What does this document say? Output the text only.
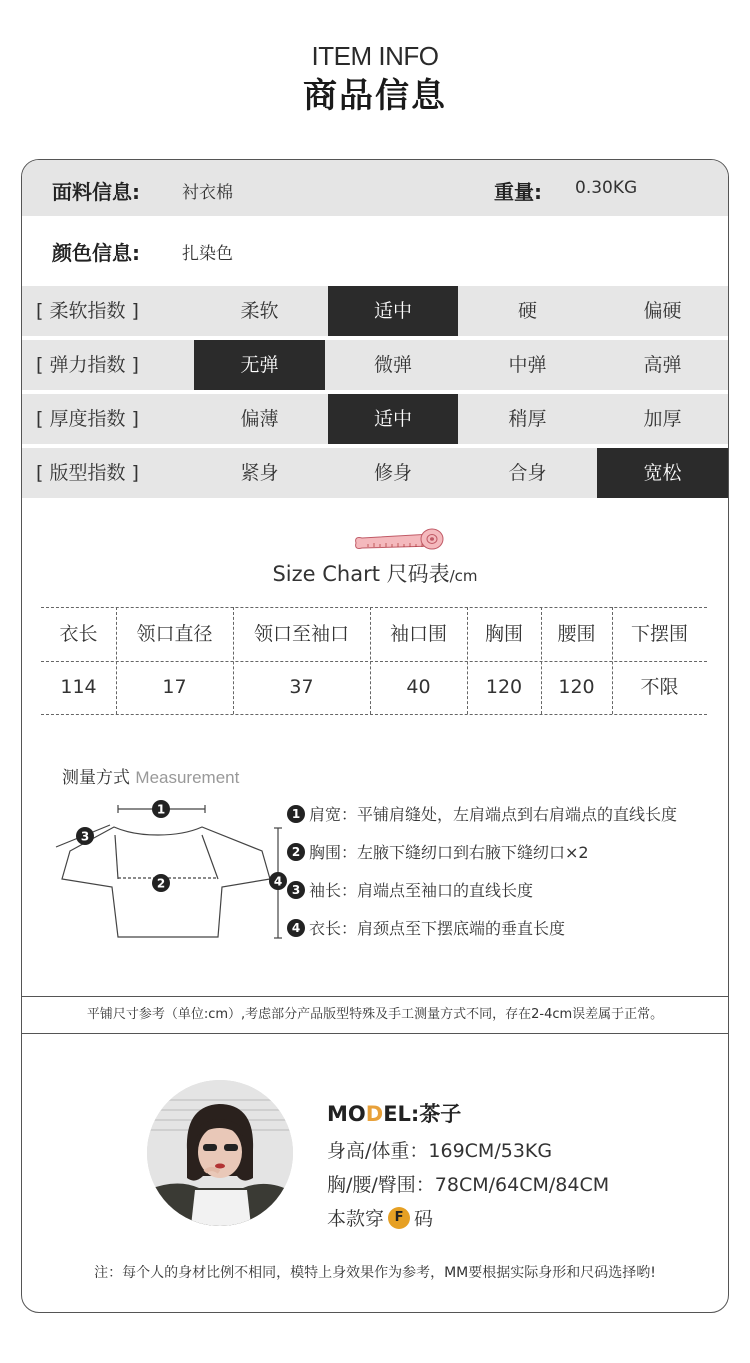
ITEM INFO
商品信息
面料信息: 衬衣棉	重量: 0.30KG
颜色信息: 扎染色
[ 柔软指数 ]	柔软	适中	硬	偏硬
[ 弹力指数 ]	无弹	微弹	中弹	高弹
[ 厚度指数 ]	偏薄	适中	稍厚	加厚
[ 版型指数 ]	紧身	修身	合身	宽松
Size Chart 尺码表/cm
衣长	领口直径	领口至袖口	袖口围	胸围	腰围	下摆围
114	17	37	40	120	120	不限
测量方式 Measurement
1
2
3
4
1 肩宽：平铺肩缝处，左肩端点到右肩端点的直线长度
2 胸围：左腋下缝纫口到右腋下缝纫口×2
3 袖长：肩端点至袖口的直线长度
4 衣长：肩颈点至下摆底端的垂直长度
平铺尺寸参考（单位:cm）,考虑部分产品版型特殊及手工测量方式不同，存在2-4cm误差属于正常。
MODEL:茶子
身高/体重：169CM/53KG
胸/腰/臀围：78CM/64CM/84CM
本款穿 F 码
注：每个人的身材比例不相同，模特上身效果作为参考，MM要根据实际身形和尺码选择哟!
